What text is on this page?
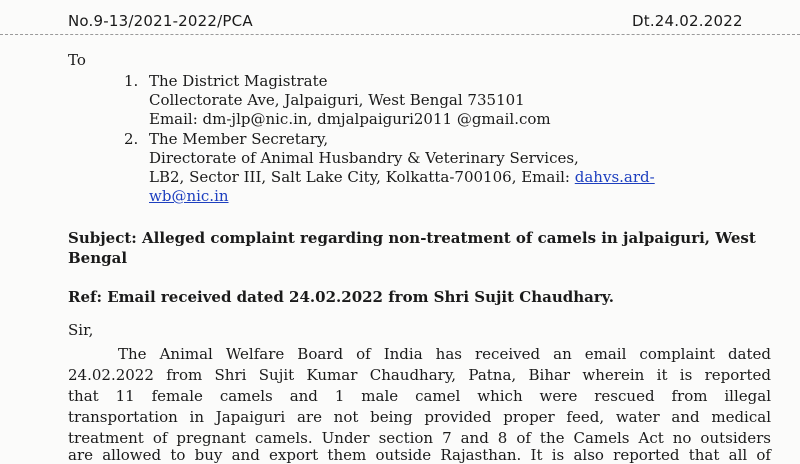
No.9-13/2021-2022/PCA	Dt.24.02.2022
To
1. The District Magistrate
Collectorate Ave, Jalpaiguri, West Bengal 735101
Email: dm-jlp@nic.in, dmjalpaiguri2011 @gmail.com
2. The Member Secretary,
Directorate of Animal Husbandry & Veterinary Services,
LB2, Sector III, Salt Lake City, Kolkatta-700106, Email: dahvs.ard-
wb@nic.in
Subject: Alleged complaint regarding non-treatment of camels in jalpaiguri, West Bengal
Ref: Email received dated 24.02.2022 from Shri Sujit Chaudhary.
Sir,
The Animal Welfare Board of India has received an email complaint dated
24.02.2022 from Shri Sujit Kumar Chaudhary, Patna, Bihar wherein it is reported
that 11 female camels and 1 male camel which were rescued from illegal
transportation in Japaiguri are not being provided proper feed, water and medical
treatment of pregnant camels. Under section 7 and 8 of the Camels Act no outsiders
are allowed to buy and export them outside Rajasthan. It is also reported that all of
